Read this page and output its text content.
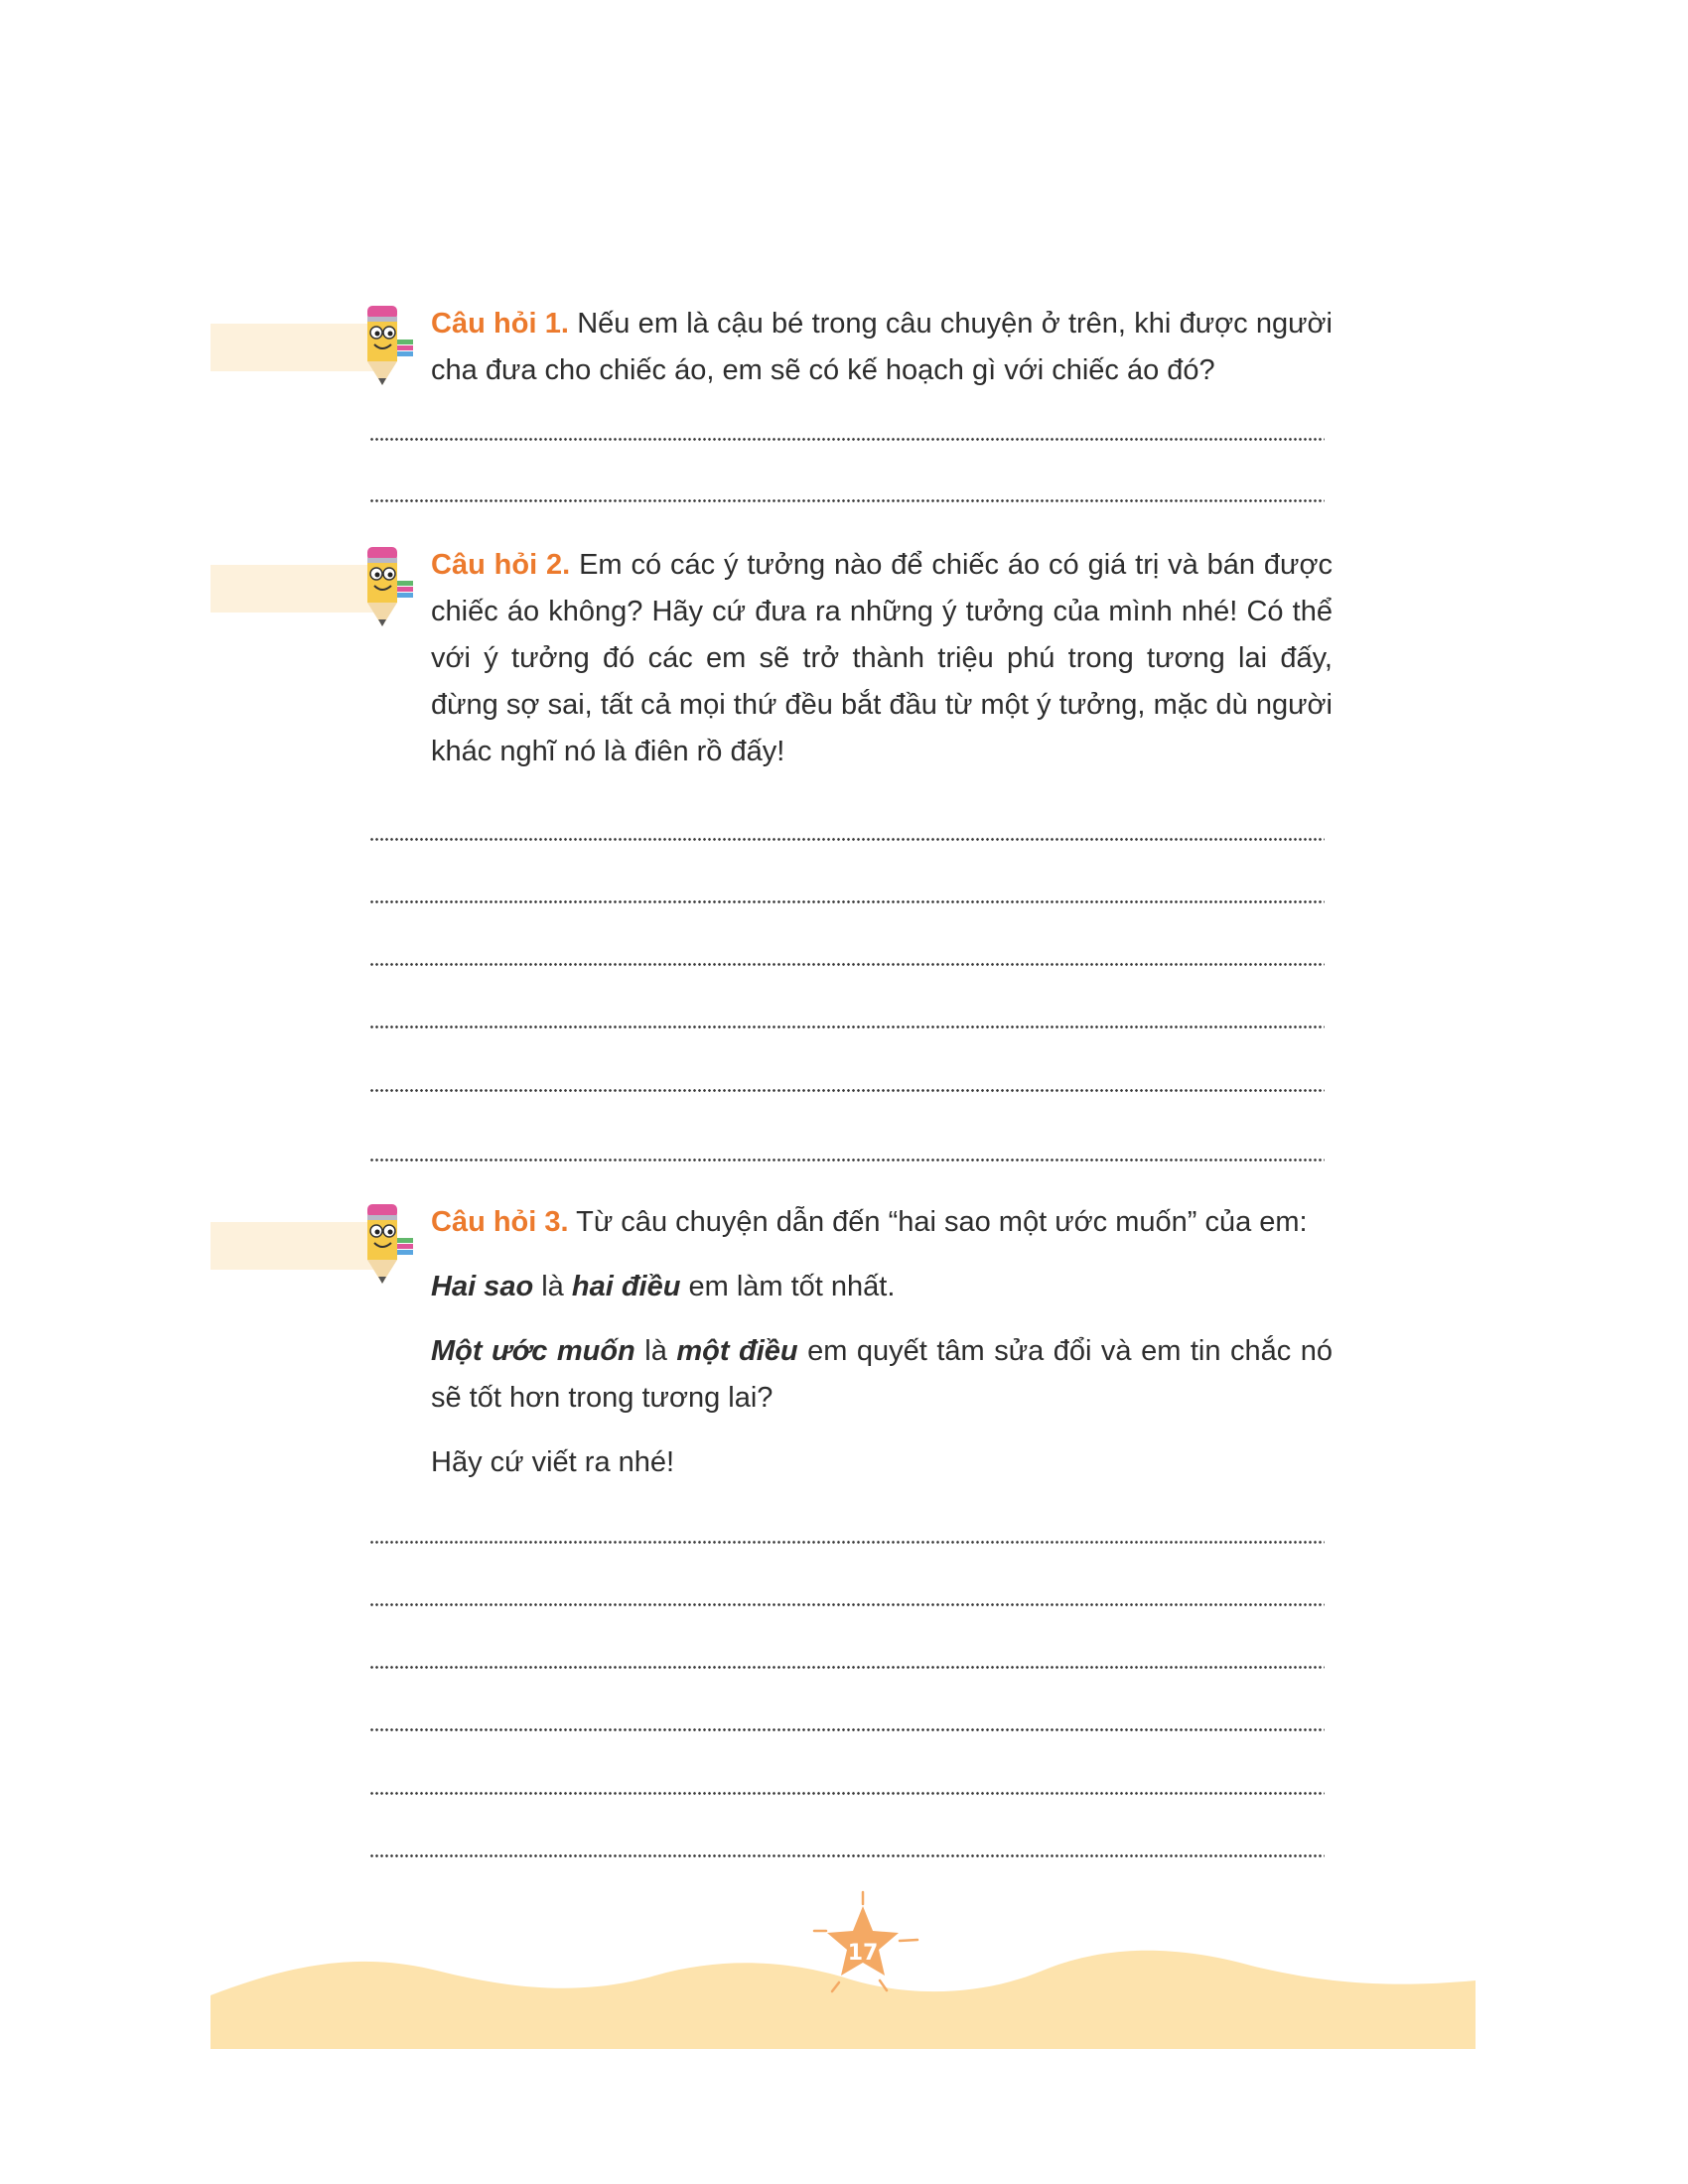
Câu hỏi 1. Nếu em là cậu bé trong câu chuyện ở trên, khi được người cha đưa cho chiếc áo, em sẽ có kế hoạch gì với chiếc áo đó?

Câu hỏi 2. Em có các ý tưởng nào để chiếc áo có giá trị và bán được chiếc áo không? Hãy cứ đưa ra những ý tưởng của mình nhé! Có thể với ý tưởng đó các em sẽ trở thành triệu phú trong tương lai đấy, đừng sợ sai, tất cả mọi thứ đều bắt đầu từ một ý tưởng, mặc dù người khác nghĩ nó là điên rồ đấy!

Câu hỏi 3. Từ câu chuyện dẫn đến “hai sao một ước muốn” của em:

Hai sao là hai điều em làm tốt nhất.

Một ước muốn là một điều em quyết tâm sửa đổi và em tin chắc nó sẽ tốt hơn trong tương lai?

Hãy cứ viết ra nhé!

17
